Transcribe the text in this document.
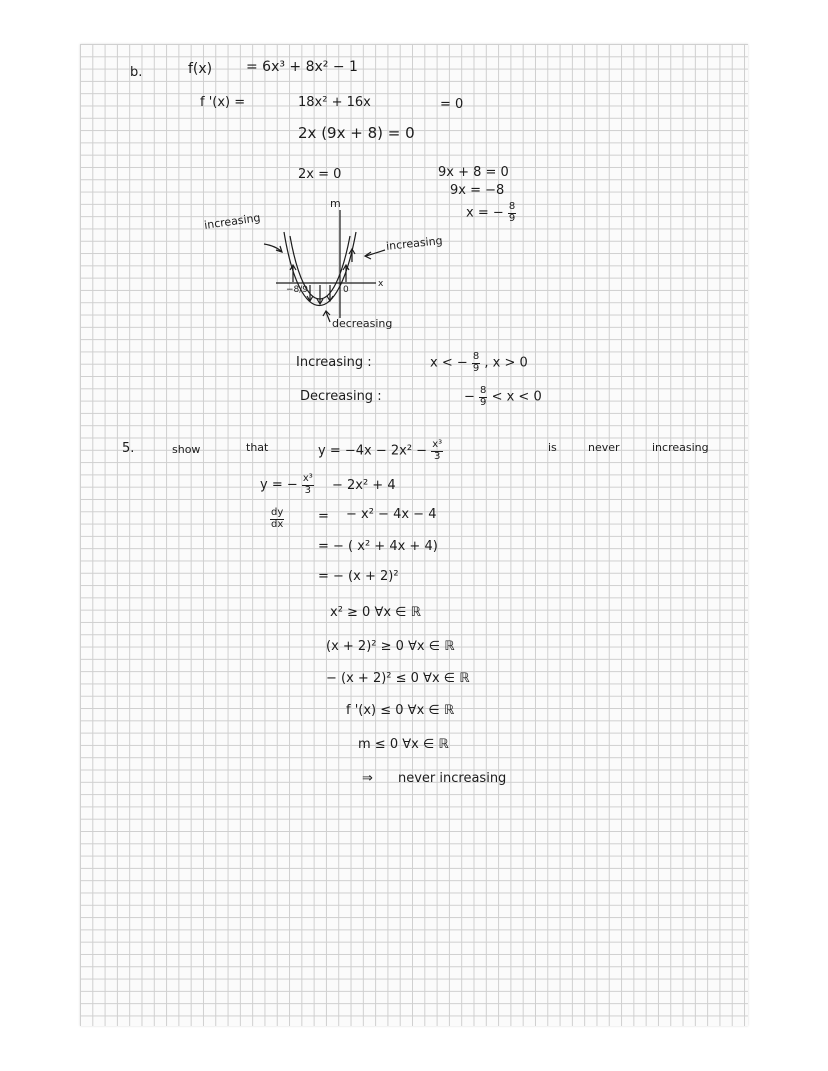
b.	f(x) = 6x³ + 8x² − 1
f '(x) =	18x² + 16x	= 0
2x (9x + 8) = 0
2x = 0	9x + 8 = 0
9x = −8
x = − $\frac{8}{9}$
increasing
increasing
decreasing
m
x
−8/9	0
Increasing :	x < − $\frac{8}{9}$ , x > 0
Decreasing :	− $\frac{8}{9} < x < 0$
5.	show	that	$y = -4x - 2x^2 - \frac{\text{x³}}{3}$	is	never	increasing
y = − $\frac{\text{x³}}{3} - 2x^2 + 4$
$\frac{dy}{dx}$	= − x² − 4x − 4
= − ( x² + 4x + 4)
= − (x + 2)²
x² ≥ 0 ∀x ∈ ℝ
(x + 2)² ≥ 0 ∀x ∈ ℝ
− (x + 2)² ≤ 0 ∀x ∈ ℝ
f '(x) ≤ 0 ∀x ∈ ℝ
m ≤ 0 ∀x ∈ ℝ
⇒ never increasing
